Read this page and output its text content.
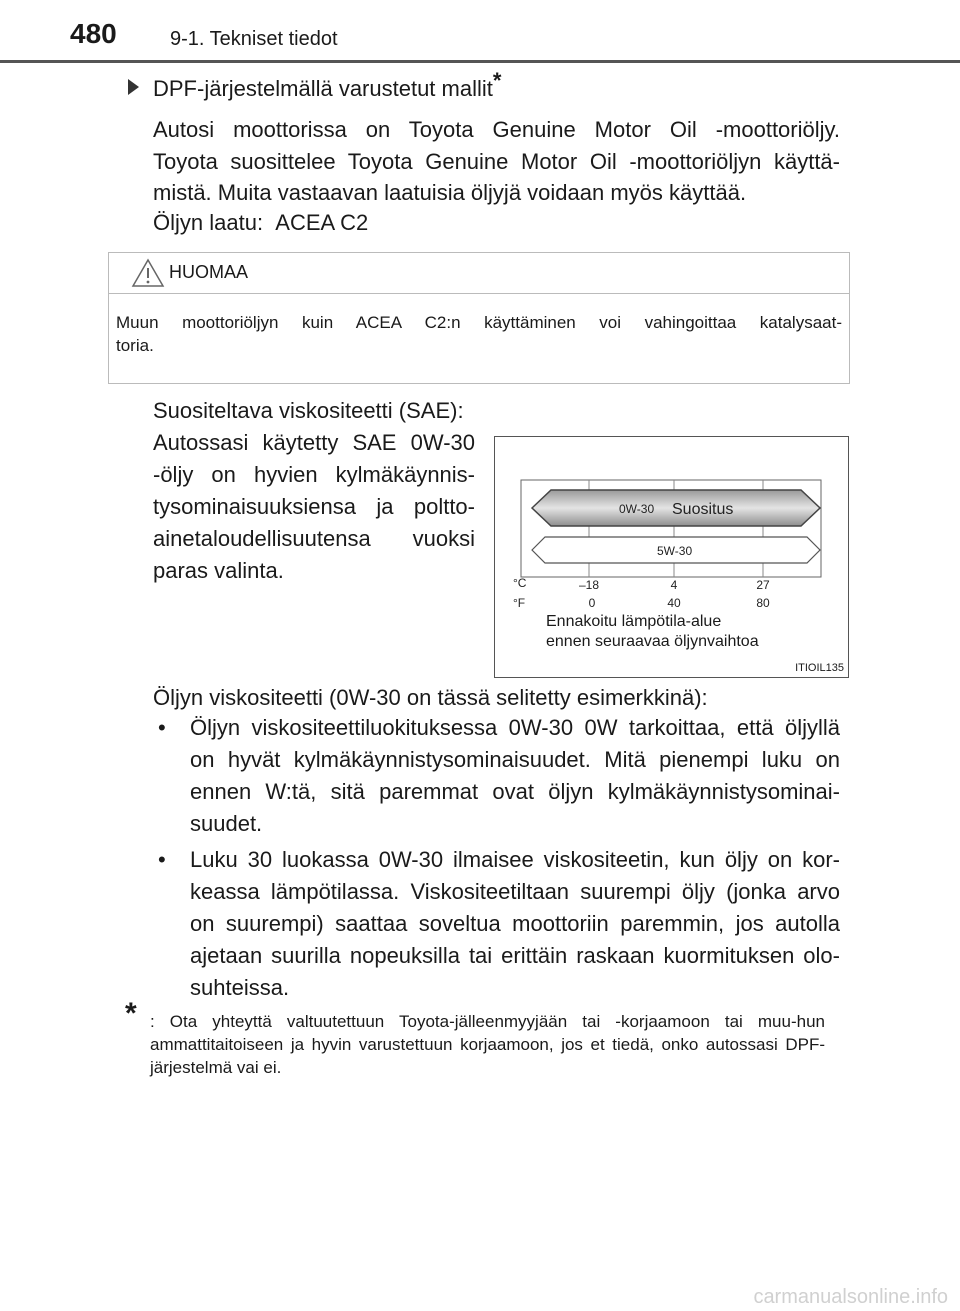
480	9-1. Tekniset tiedot
DPF-järjestelmällä varustetut mallit*
Autosi moottorissa on Toyota Genuine Motor Oil -moottoriöljy.
Toyota suosittelee Toyota Genuine Motor Oil -moottoriöljyn käyttä-
mistä. Muita vastaavan laatuisia öljyjä voidaan myös käyttää.
Öljyn laatu: ACEA C2
HUOMAA
Muun moottoriöljyn kuin ACEA C2:n käyttäminen voi vahingoittaa katalysaat-
toria.
Suositeltava viskositeetti (SAE):
Autossasi käytetty SAE 0W-30
-öljy on hyvien kylmäkäynnis-
tysominaisuuksiensa ja poltto-
ainetaloudellisuutensa vuoksi
paras valinta.
0W-30 Suositus
5W-30
°C
°F
–18	4	27
0	40	80
Ennakoitu lämpötila-alue
ennen seuraavaa öljynvaihtoa
ITIOIL135
Öljyn viskositeetti (0W-30 on tässä selitetty esimerkkinä):
• Öljyn viskositeettiluokituksessa 0W-30 0W tarkoittaa, että öljyllä
on hyvät kylmäkäynnistysominaisuudet. Mitä pienempi luku on
ennen W:tä, sitä paremmat ovat öljyn kylmäkäynnistysominai-
suudet.
• Luku 30 luokassa 0W-30 ilmaisee viskositeetin, kun öljy on kor-
keassa lämpötilassa. Viskositeetiltaan suurempi öljy (jonka arvo
on suurempi) saattaa soveltua moottoriin paremmin, jos autolla
ajetaan suurilla nopeuksilla tai erittäin raskaan kuormituksen olo-
suhteissa.
* : Ota yhteyttä valtuutettuun Toyota-jälleenmyyjään tai -korjaamoon tai muu-hun ammattitaitoiseen ja hyvin varustettuun korjaamoon, jos et tiedä, onko autossasi DPF-järjestelmä vai ei.
carmanualsonline.info
